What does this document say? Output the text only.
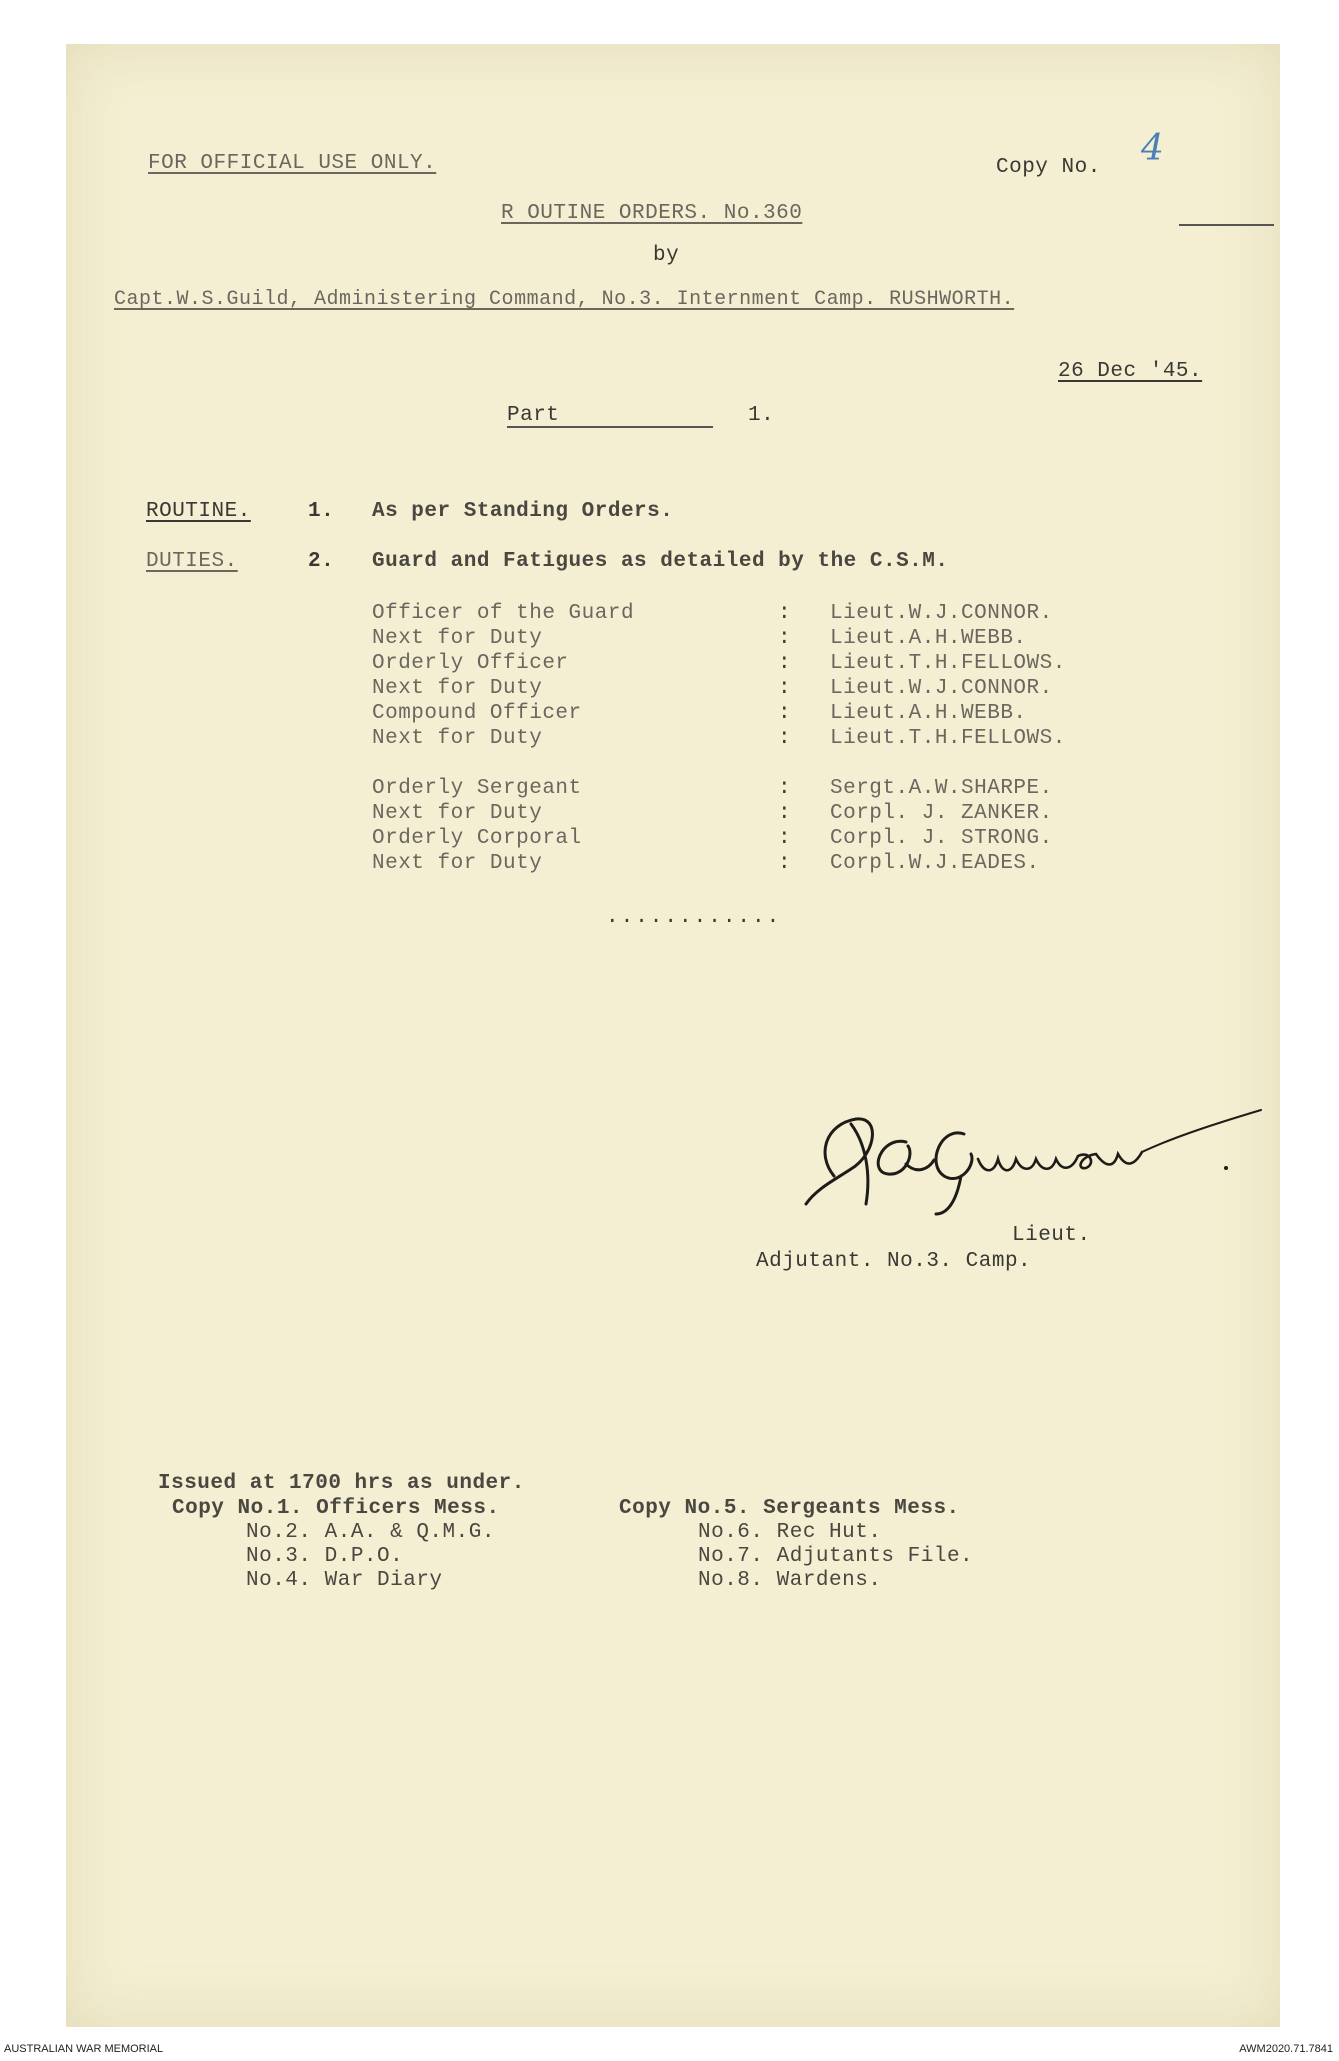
FOR OFFICIAL USE ONLY.	Copy No. 4
R OUTINE ORDERS. No.360
by
Capt.W.S.Guild, Administering Command, No.3. Internment Camp. RUSHWORTH.
26 Dec '45.
Part	1.
ROUTINE.	1. As per Standing Orders.
DUTIES.	2. Guard and Fatigues as detailed by the C.S.M.
Officer of the Guard	: Lieut.W.J.CONNOR.
Next for Duty	: Lieut.A.H.WEBB.
Orderly Officer	: Lieut.T.H.FELLOWS.
Next for Duty	: Lieut.W.J.CONNOR.
Compound Officer	: Lieut.A.H.WEBB.
Next for Duty	: Lieut.T.H.FELLOWS.
Orderly Sergeant	: Sergt.A.W.SHARPE.
Next for Duty	: Corpl. J. ZANKER.
Orderly Corporal	: Corpl. J. STRONG.
Next for Duty	: Corpl.W.J.EADES.
............
Lieut.
Adjutant. No.3. Camp.
Issued at 1700 hrs as under.
Copy No.1. Officers Mess.
No.2. A.A. & Q.M.G.
No.3. D.P.O.
No.4. War Diary
Copy No.5. Sergeants Mess.
No.6. Rec Hut.
No.7. Adjutants File.
No.8. Wardens.
AUSTRALIAN WAR MEMORIAL	AWM2020.71.7841
